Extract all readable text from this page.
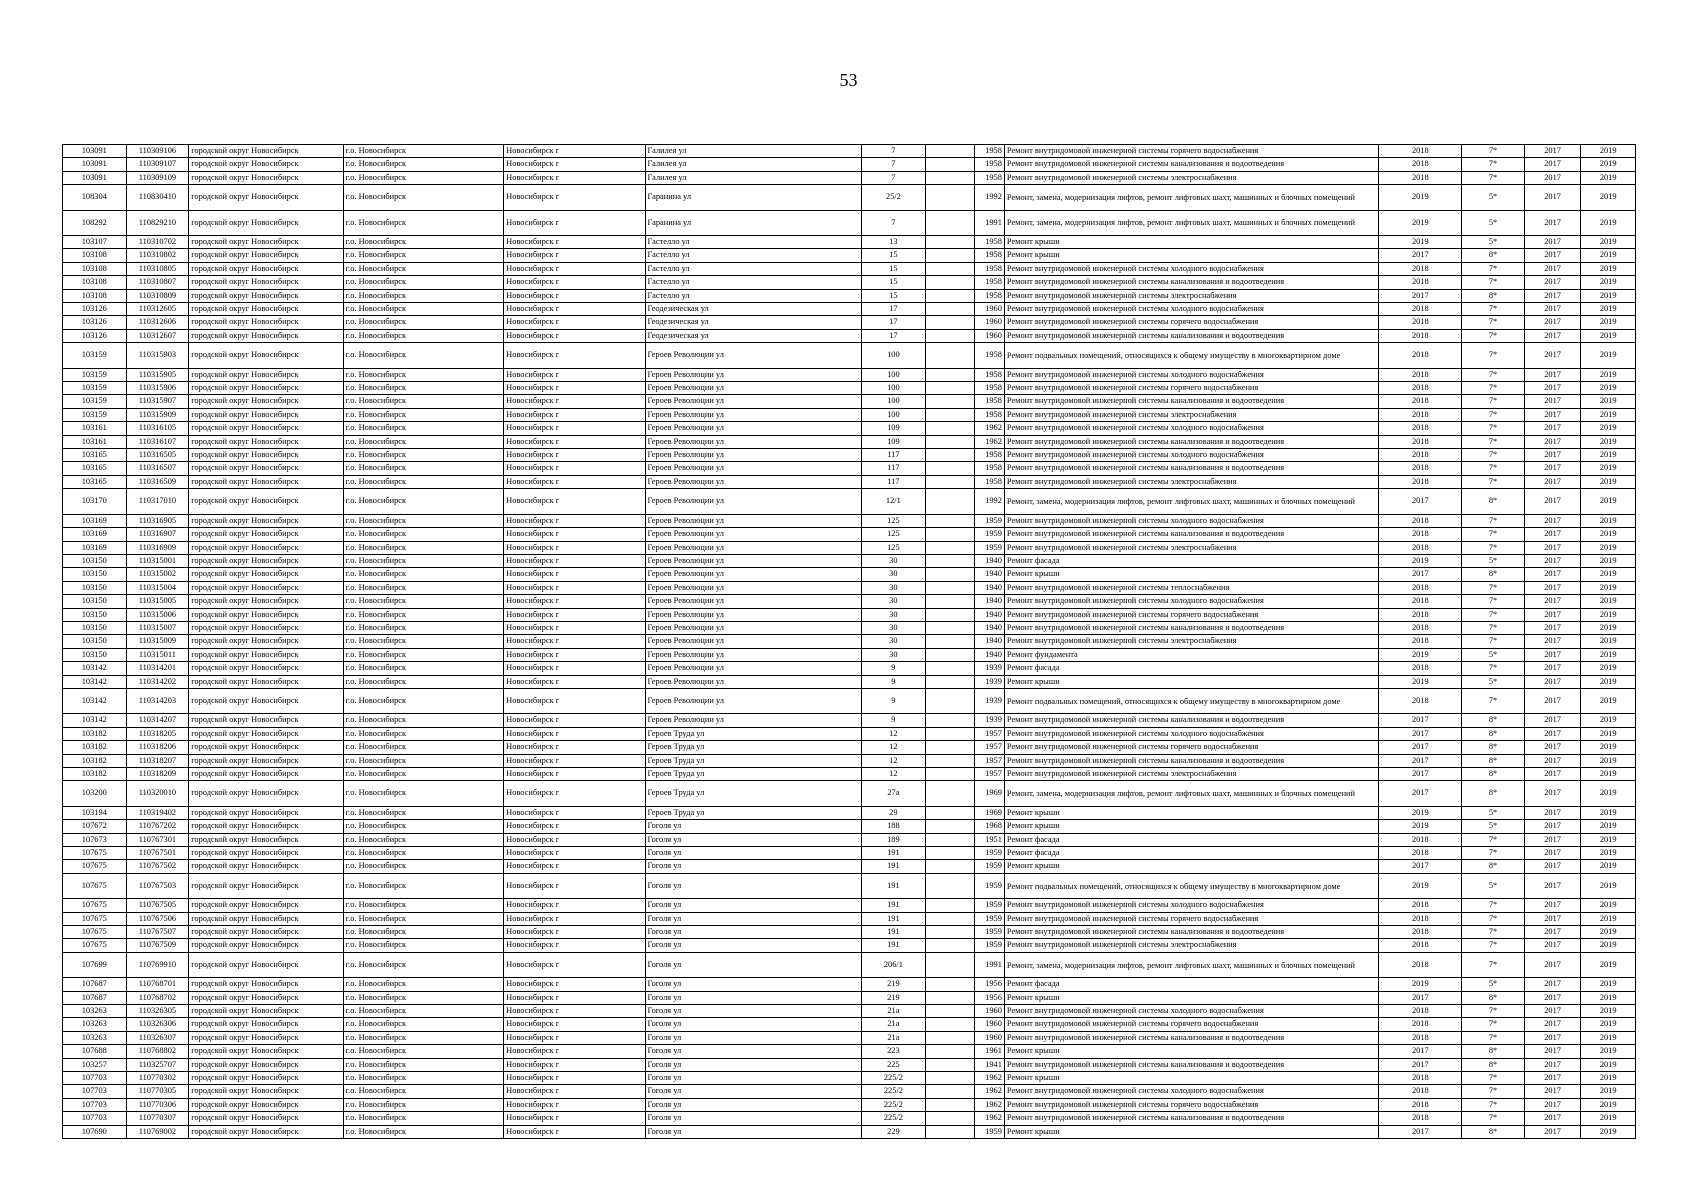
53
103091	110309106	городской округ Новосибирск	г.о. Новосибирск	Новосибирск г	Галилея ул	7		1958	Ремонт внутридомовой инженерной системы горячего водоснабжения	2018	7*	2017	2019
103091	110309107	городской округ Новосибирск	г.о. Новосибирск	Новосибирск г	Галилея ул	7		1958	Ремонт внутридомовой инженерной системы канализования и водоотведения	2018	7*	2017	2019
103091	110309109	городской округ Новосибирск	г.о. Новосибирск	Новосибирск г	Галилея ул	7		1958	Ремонт внутридомовой инженерной системы электроснабжения	2018	7*	2017	2019
108304	110830410	городской округ Новосибирск	г.о. Новосибирск	Новосибирск г	Гаранина ул	25/2		1992	Ремонт, замена, модернизация лифтов, ремонт лифтовых шахт, машинных и блочных помещений	2019	5*	2017	2019
108292	110829210	городской округ Новосибирск	г.о. Новосибирск	Новосибирск г	Гаранина ул	7		1991	Ремонт, замена, модернизация лифтов, ремонт лифтовых шахт, машинных и блочных помещений	2019	5*	2017	2019
103107	110310702	городской округ Новосибирск	г.о. Новосибирск	Новосибирск г	Гастелло ул	13		1958	Ремонт крыши	2019	5*	2017	2019
103108	110310802	городской округ Новосибирск	г.о. Новосибирск	Новосибирск г	Гастелло ул	15		1958	Ремонт крыши	2017	8*	2017	2019
103108	110310805	городской округ Новосибирск	г.о. Новосибирск	Новосибирск г	Гастелло ул	15		1958	Ремонт внутридомовой инженерной системы холодного водоснабжения	2018	7*	2017	2019
103108	110310807	городской округ Новосибирск	г.о. Новосибирск	Новосибирск г	Гастелло ул	15		1958	Ремонт внутридомовой инженерной системы канализования и водоотведения	2018	7*	2017	2019
103108	110310809	городской округ Новосибирск	г.о. Новосибирск	Новосибирск г	Гастелло ул	15		1958	Ремонт внутридомовой инженерной системы электроснабжения	2017	8*	2017	2019
103126	110312605	городской округ Новосибирск	г.о. Новосибирск	Новосибирск г	Геодезическая ул	17		1960	Ремонт внутридомовой инженерной системы холодного водоснабжения	2018	7*	2017	2019
103126	110312606	городской округ Новосибирск	г.о. Новосибирск	Новосибирск г	Геодезическая ул	17		1960	Ремонт внутридомовой инженерной системы горячего водоснабжения	2018	7*	2017	2019
103126	110312607	городской округ Новосибирск	г.о. Новосибирск	Новосибирск г	Геодезическая ул	17		1960	Ремонт внутридомовой инженерной системы канализования и водоотведения	2018	7*	2017	2019
103159	110315903	городской округ Новосибирск	г.о. Новосибирск	Новосибирск г	Героев Революции ул	100		1958	Ремонт подвальных помещений, относящихся к общему имуществу в многоквартирном доме	2018	7*	2017	2019
103159	110315905	городской округ Новосибирск	г.о. Новосибирск	Новосибирск г	Героев Революции ул	100		1958	Ремонт внутридомовой инженерной системы холодного водоснабжения	2018	7*	2017	2019
103159	110315906	городской округ Новосибирск	г.о. Новосибирск	Новосибирск г	Героев Революции ул	100		1958	Ремонт внутридомовой инженерной системы горячего водоснабжения	2018	7*	2017	2019
103159	110315907	городской округ Новосибирск	г.о. Новосибирск	Новосибирск г	Героев Революции ул	100		1958	Ремонт внутридомовой инженерной системы канализования и водоотведения	2018	7*	2017	2019
103159	110315909	городской округ Новосибирск	г.о. Новосибирск	Новосибирск г	Героев Революции ул	100		1958	Ремонт внутридомовой инженерной системы электроснабжения	2018	7*	2017	2019
103161	110316105	городской округ Новосибирск	г.о. Новосибирск	Новосибирск г	Героев Революции ул	109		1962	Ремонт внутридомовой инженерной системы холодного водоснабжения	2018	7*	2017	2019
103161	110316107	городской округ Новосибирск	г.о. Новосибирск	Новосибирск г	Героев Революции ул	109		1962	Ремонт внутридомовой инженерной системы канализования и водоотведения	2018	7*	2017	2019
103165	110316505	городской округ Новосибирск	г.о. Новосибирск	Новосибирск г	Героев Революции ул	117		1958	Ремонт внутридомовой инженерной системы холодного водоснабжения	2018	7*	2017	2019
103165	110316507	городской округ Новосибирск	г.о. Новосибирск	Новосибирск г	Героев Революции ул	117		1958	Ремонт внутридомовой инженерной системы канализования и водоотведения	2018	7*	2017	2019
103165	110316509	городской округ Новосибирск	г.о. Новосибирск	Новосибирск г	Героев Революции ул	117		1958	Ремонт внутридомовой инженерной системы электроснабжения	2018	7*	2017	2019
103170	110317010	городской округ Новосибирск	г.о. Новосибирск	Новосибирск г	Героев Революции ул	12/1		1992	Ремонт, замена, модернизация лифтов, ремонт лифтовых шахт, машинных и блочных помещений	2017	8*	2017	2019
103169	110316905	городской округ Новосибирск	г.о. Новосибирск	Новосибирск г	Героев Революции ул	125		1959	Ремонт внутридомовой инженерной системы холодного водоснабжения	2018	7*	2017	2019
103169	110316907	городской округ Новосибирск	г.о. Новосибирск	Новосибирск г	Героев Революции ул	125		1959	Ремонт внутридомовой инженерной системы канализования и водоотведения	2018	7*	2017	2019
103169	110316909	городской округ Новосибирск	г.о. Новосибирск	Новосибирск г	Героев Революции ул	125		1959	Ремонт внутридомовой инженерной системы электроснабжения	2018	7*	2017	2019
103150	110315001	городской округ Новосибирск	г.о. Новосибирск	Новосибирск г	Героев Революции ул	30		1940	Ремонт фасада	2019	5*	2017	2019
103150	110315002	городской округ Новосибирск	г.о. Новосибирск	Новосибирск г	Героев Революции ул	30		1940	Ремонт крыши	2017	8*	2017	2019
103150	110315004	городской округ Новосибирск	г.о. Новосибирск	Новосибирск г	Героев Революции ул	30		1940	Ремонт внутридомовой инженерной системы теплоснабжения	2018	7*	2017	2019
103150	110315005	городской округ Новосибирск	г.о. Новосибирск	Новосибирск г	Героев Революции ул	30		1940	Ремонт внутридомовой инженерной системы холодного водоснабжения	2018	7*	2017	2019
103150	110315006	городской округ Новосибирск	г.о. Новосибирск	Новосибирск г	Героев Революции ул	30		1940	Ремонт внутридомовой инженерной системы горячего водоснабжения	2018	7*	2017	2019
103150	110315007	городской округ Новосибирск	г.о. Новосибирск	Новосибирск г	Героев Революции ул	30		1940	Ремонт внутридомовой инженерной системы канализования и водоотведения	2018	7*	2017	2019
103150	110315009	городской округ Новосибирск	г.о. Новосибирск	Новосибирск г	Героев Революции ул	30		1940	Ремонт внутридомовой инженерной системы электроснабжения	2018	7*	2017	2019
103150	110315011	городской округ Новосибирск	г.о. Новосибирск	Новосибирск г	Героев Революции ул	30		1940	Ремонт фундамента	2019	5*	2017	2019
103142	110314201	городской округ Новосибирск	г.о. Новосибирск	Новосибирск г	Героев Революции ул	9		1939	Ремонт фасада	2018	7*	2017	2019
103142	110314202	городской округ Новосибирск	г.о. Новосибирск	Новосибирск г	Героев Революции ул	9		1939	Ремонт крыши	2019	5*	2017	2019
103142	110314203	городской округ Новосибирск	г.о. Новосибирск	Новосибирск г	Героев Революции ул	9		1939	Ремонт подвальных помещений, относящихся к общему имуществу в многоквартирном доме	2018	7*	2017	2019
103142	110314207	городской округ Новосибирск	г.о. Новосибирск	Новосибирск г	Героев Революции ул	9		1939	Ремонт внутридомовой инженерной системы канализования и водоотведения	2017	8*	2017	2019
103182	110318205	городской округ Новосибирск	г.о. Новосибирск	Новосибирск г	Героев Труда ул	12		1957	Ремонт внутридомовой инженерной системы холодного водоснабжения	2017	8*	2017	2019
103182	110318206	городской округ Новосибирск	г.о. Новосибирск	Новосибирск г	Героев Труда ул	12		1957	Ремонт внутридомовой инженерной системы горячего водоснабжения	2017	8*	2017	2019
103182	110318207	городской округ Новосибирск	г.о. Новосибирск	Новосибирск г	Героев Труда ул	12		1957	Ремонт внутридомовой инженерной системы канализования и водоотведения	2017	8*	2017	2019
103182	110318209	городской округ Новосибирск	г.о. Новосибирск	Новосибирск г	Героев Труда ул	12		1957	Ремонт внутридомовой инженерной системы электроснабжения	2017	8*	2017	2019
103200	110320010	городской округ Новосибирск	г.о. Новосибирск	Новосибирск г	Героев Труда ул	27а		1969	Ремонт, замена, модернизация лифтов, ремонт лифтовых шахт, машинных и блочных помещений	2017	8*	2017	2019
103194	110319402	городской округ Новосибирск	г.о. Новосибирск	Новосибирск г	Героев Труда ул	29		1969	Ремонт крыши	2019	5*	2017	2019
107672	110767202	городской округ Новосибирск	г.о. Новосибирск	Новосибирск г	Гоголя ул	188		1968	Ремонт крыши	2019	5*	2017	2019
107673	110767301	городской округ Новосибирск	г.о. Новосибирск	Новосибирск г	Гоголя ул	189		1951	Ремонт фасада	2018	7*	2017	2019
107675	110767501	городской округ Новосибирск	г.о. Новосибирск	Новосибирск г	Гоголя ул	191		1959	Ремонт фасада	2018	7*	2017	2019
107675	110767502	городской округ Новосибирск	г.о. Новосибирск	Новосибирск г	Гоголя ул	191		1959	Ремонт крыши	2017	8*	2017	2019
107675	110767503	городской округ Новосибирск	г.о. Новосибирск	Новосибирск г	Гоголя ул	191		1959	Ремонт подвальных помещений, относящихся к общему имуществу в многоквартирном доме	2019	5*	2017	2019
107675	110767505	городской округ Новосибирск	г.о. Новосибирск	Новосибирск г	Гоголя ул	191		1959	Ремонт внутридомовой инженерной системы холодного водоснабжения	2018	7*	2017	2019
107675	110767506	городской округ Новосибирск	г.о. Новосибирск	Новосибирск г	Гоголя ул	191		1959	Ремонт внутридомовой инженерной системы горячего водоснабжения	2018	7*	2017	2019
107675	110767507	городской округ Новосибирск	г.о. Новосибирск	Новосибирск г	Гоголя ул	191		1959	Ремонт внутридомовой инженерной системы канализования и водоотведения	2018	7*	2017	2019
107675	110767509	городской округ Новосибирск	г.о. Новосибирск	Новосибирск г	Гоголя ул	191		1959	Ремонт внутридомовой инженерной системы электроснабжения	2018	7*	2017	2019
107699	110769910	городской округ Новосибирск	г.о. Новосибирск	Новосибирск г	Гоголя ул	206/1		1991	Ремонт, замена, модернизация лифтов, ремонт лифтовых шахт, машинных и блочных помещений	2018	7*	2017	2019
107687	110768701	городской округ Новосибирск	г.о. Новосибирск	Новосибирск г	Гоголя ул	219		1956	Ремонт фасада	2019	5*	2017	2019
107687	110768702	городской округ Новосибирск	г.о. Новосибирск	Новосибирск г	Гоголя ул	219		1956	Ремонт крыши	2017	8*	2017	2019
103263	110326305	городской округ Новосибирск	г.о. Новосибирск	Новосибирск г	Гоголя ул	21а		1960	Ремонт внутридомовой инженерной системы холодного водоснабжения	2018	7*	2017	2019
103263	110326306	городской округ Новосибирск	г.о. Новосибирск	Новосибирск г	Гоголя ул	21а		1960	Ремонт внутридомовой инженерной системы горячего водоснабжения	2018	7*	2017	2019
103263	110326307	городской округ Новосибирск	г.о. Новосибирск	Новосибирск г	Гоголя ул	21а		1960	Ремонт внутридомовой инженерной системы канализования и водоотведения	2018	7*	2017	2019
107688	110768802	городской округ Новосибирск	г.о. Новосибирск	Новосибирск г	Гоголя ул	223		1961	Ремонт крыши	2017	8*	2017	2019
103257	110325707	городской округ Новосибирск	г.о. Новосибирск	Новосибирск г	Гоголя ул	225		1941	Ремонт внутридомовой инженерной системы канализования и водоотведения	2017	8*	2017	2019
107703	110770302	городской округ Новосибирск	г.о. Новосибирск	Новосибирск г	Гоголя ул	225/2		1962	Ремонт крыши	2018	7*	2017	2019
107703	110770305	городской округ Новосибирск	г.о. Новосибирск	Новосибирск г	Гоголя ул	225/2		1962	Ремонт внутридомовой инженерной системы холодного водоснабжения	2018	7*	2017	2019
107703	110770306	городской округ Новосибирск	г.о. Новосибирск	Новосибирск г	Гоголя ул	225/2		1962	Ремонт внутридомовой инженерной системы горячего водоснабжения	2018	7*	2017	2019
107703	110770307	городской округ Новосибирск	г.о. Новосибирск	Новосибирск г	Гоголя ул	225/2		1962	Ремонт внутридомовой инженерной системы канализования и водоотведения	2018	7*	2017	2019
107690	110769002	городской округ Новосибирск	г.о. Новосибирск	Новосибирск г	Гоголя ул	229		1959	Ремонт крыши	2017	8*	2017	2019
